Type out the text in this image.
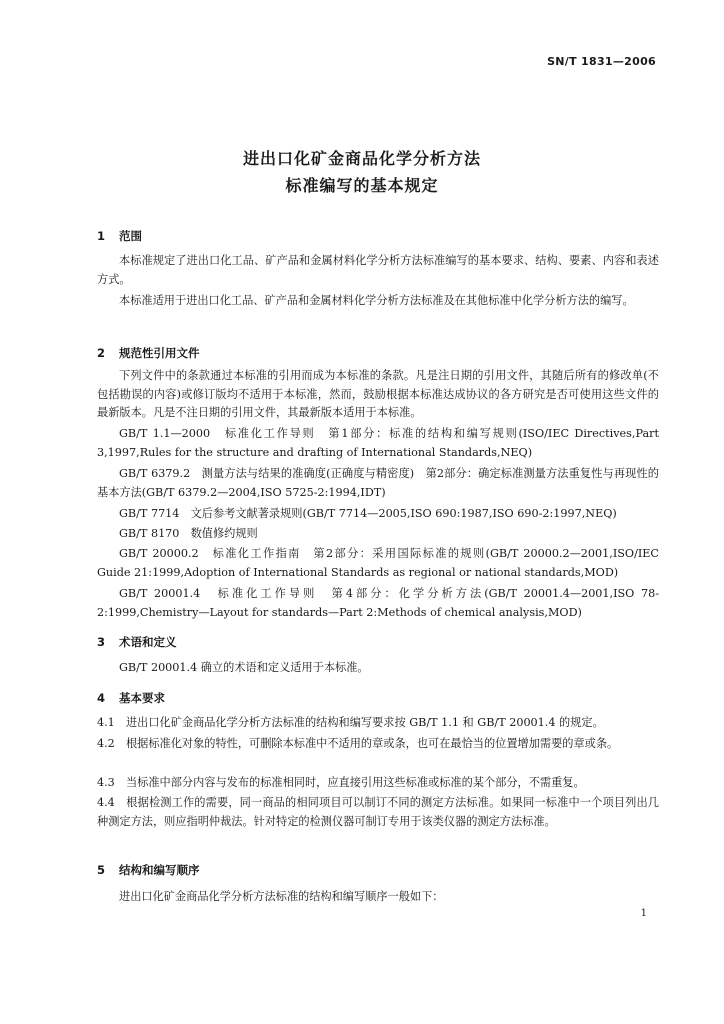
SN/T 1831—2006
进出口化矿金商品化学分析方法
标准编写的基本规定
1 范围
本标准规定了进出口化工品、矿产品和金属材料化学分析方法标准编写的基本要求、结构、要素、内容和表述方式。
本标准适用于进出口化工品、矿产品和金属材料化学分析方法标准及在其他标准中化学分析方法的编写。
2 规范性引用文件
下列文件中的条款通过本标准的引用而成为本标准的条款。凡是注日期的引用文件，其随后所有的修改单(不包括勘误的内容)或修订版均不适用于本标准，然而，鼓励根据本标准达成协议的各方研究是否可使用这些文件的最新版本。凡是不注日期的引用文件，其最新版本适用于本标准。
GB/T 1.1—2000　标准化工作导则　第1部分：标准的结构和编写规则(ISO/IEC Directives,Part 3,1997,Rules for the structure and drafting of International Standards,NEQ)
GB/T 6379.2　测量方法与结果的准确度(正确度与精密度)　第2部分：确定标准测量方法重复性与再现性的基本方法(GB/T 6379.2—2004,ISO 5725-2:1994,IDT)
GB/T 7714　文后参考文献著录规则(GB/T 7714—2005,ISO 690:1987,ISO 690-2:1997,NEQ)
GB/T 8170　数值修约规则
GB/T 20000.2　标准化工作指南　第2部分：采用国际标准的规则(GB/T 20000.2—2001,ISO/IEC Guide 21:1999,Adoption of International Standards as regional or national standards,MOD)
GB/T 20001.4　标准化工作导则　第4部分：化学分析方法(GB/T 20001.4—2001,ISO 78-2:1999,Chemistry—Layout for standards—Part 2:Methods of chemical analysis,MOD)
3 术语和定义
GB/T 20001.4 确立的术语和定义适用于本标准。
4 基本要求
4.1　进出口化矿金商品化学分析方法标准的结构和编写要求按 GB/T 1.1 和 GB/T 20001.4 的规定。
4.2　根据标准化对象的特性，可删除本标准中不适用的章或条，也可在最恰当的位置增加需要的章或条。
4.3　当标准中部分内容与发布的标准相同时，应直接引用这些标准或标准的某个部分，不需重复。
4.4　根据检测工作的需要，同一商品的相同项目可以制订不同的测定方法标准。如果同一标准中一个项目列出几种测定方法，则应指明仲裁法。针对特定的检测仪器可制订专用于该类仪器的测定方法标准。
5 结构和编写顺序
进出口化矿金商品化学分析方法标准的结构和编写顺序一般如下：
1
